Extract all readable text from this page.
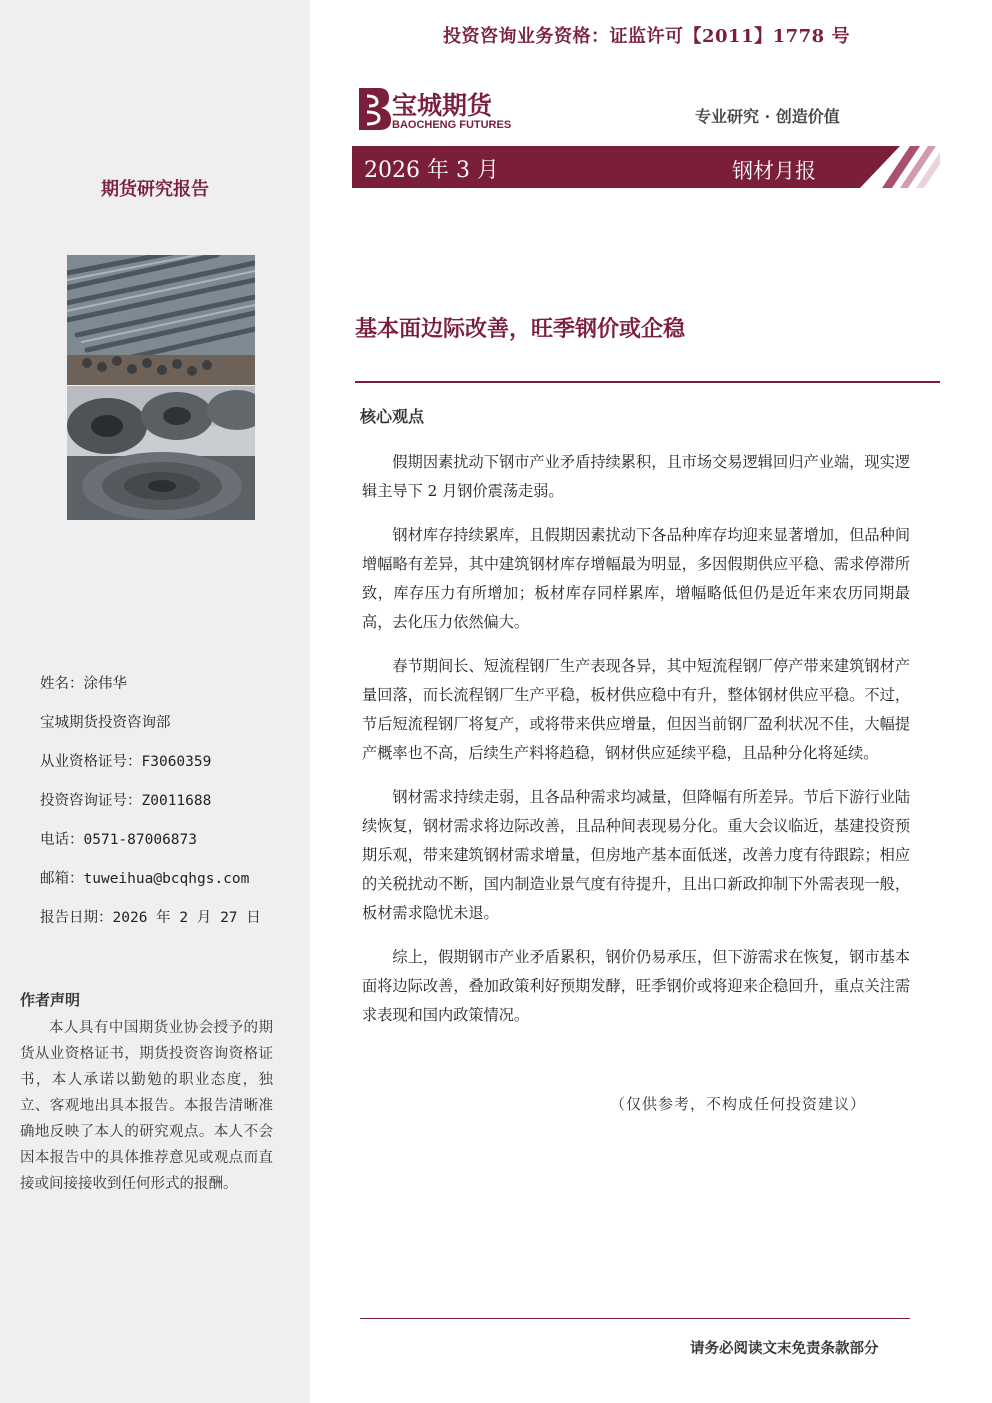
投资咨询业务资格：证监许可【2011】1778 号
宝城期货
BAOCHENG FUTURES	专业研究 · 创造价值
2026 年 3 月	钢材月报
期货研究报告
基本面边际改善，旺季钢价或企稳
核心观点

假期因素扰动下钢市产业矛盾持续累积，且市场交易逻辑回归产业端，现实逻辑主导下 2 月钢价震荡走弱。

钢材库存持续累库，且假期因素扰动下各品种库存均迎来显著增加，但品种间增幅略有差异，其中建筑钢材库存增幅最为明显，多因假期供应平稳、需求停滞所致，库存压力有所增加；板材库存同样累库，增幅略低但仍是近年来农历同期最高，去化压力依然偏大。

春节期间长、短流程钢厂生产表现各异，其中短流程钢厂停产带来建筑钢材产量回落，而长流程钢厂生产平稳，板材供应稳中有升，整体钢材供应平稳。不过，节后短流程钢厂将复产，或将带来供应增量，但因当前钢厂盈利状况不佳，大幅提产概率也不高，后续生产料将趋稳，钢材供应延续平稳，且品种分化将延续。

钢材需求持续走弱，且各品种需求均减量，但降幅有所差异。节后下游行业陆续恢复，钢材需求将边际改善，且品种间表现易分化。重大会议临近，基建投资预期乐观，带来建筑钢材需求增量，但房地产基本面低迷，改善力度有待跟踪；相应的关税扰动不断，国内制造业景气度有待提升，且出口新政抑制下外需表现一般，板材需求隐忧未退。

综上，假期钢市产业矛盾累积，钢价仍易承压，但下游需求在恢复，钢市基本面将边际改善，叠加政策利好预期发酵，旺季钢价或将迎来企稳回升，重点关注需求表现和国内政策情况。

（仅供参考，不构成任何投资建议）
请务必阅读文末免责条款部分
姓名：涂伟华
宝城期货投资咨询部
从业资格证号：F3060359
投资咨询证号：Z0011688
电话：0571-87006873
邮箱：tuweihua@bcqhgs.com
报告日期：2026 年 2 月 27 日
作者声明
本人具有中国期货业协会授予的期货从业资格证书，期货投资咨询资格证书，本人承诺以勤勉的职业态度，独立、客观地出具本报告。本报告清晰准确地反映了本人的研究观点。本人不会因本报告中的具体推荐意见或观点而直接或间接接收到任何形式的报酬。
